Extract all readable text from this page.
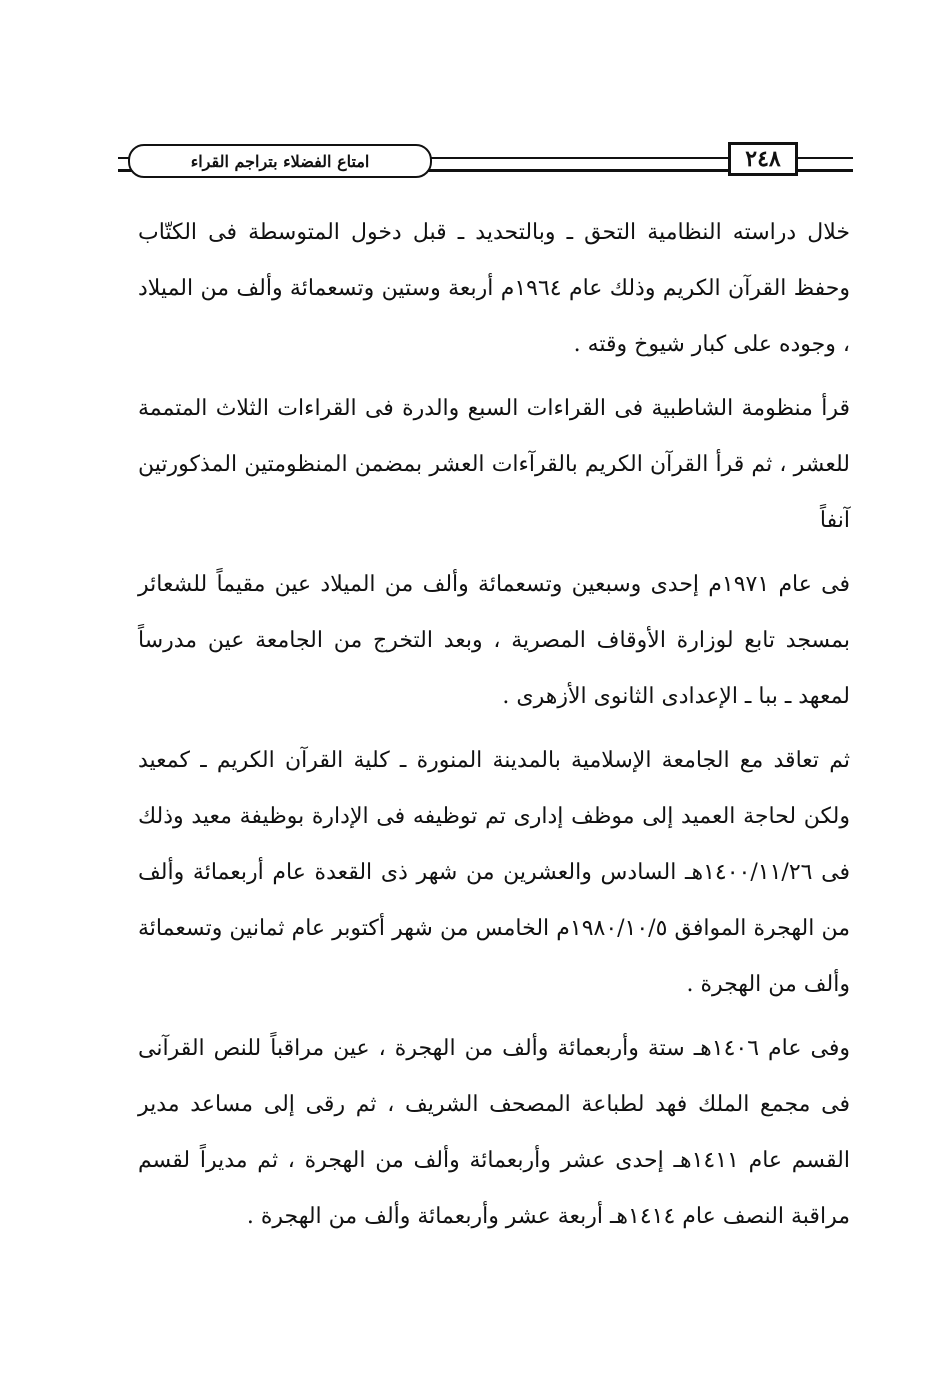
٢٤٨
امتاع الفضلاء بتراجم القراء

خلال دراسته النظامية التحق ـ وبالتحديد ـ قبل دخول المتوسطة فى الكتّاب وحفظ القرآن الكريم وذلك عام ١٩٦٤م أربعة وستين وتسعمائة وألف من الميلاد ، وجوده على كبار شيوخ وقته .

قرأ منظومة الشاطبية فى القراءات السبع والدرة فى القراءات الثلاث المتممة للعشر ، ثم قرأ القرآن الكريم بالقرآءات العشر بمضمن المنظومتين المذكورتين آنفاً

فى عام ١٩٧١م إحدى وسبعين وتسعمائة وألف من الميلاد عين مقيماً للشعائر بمسجد تابع لوزارة الأوقاف المصرية ، وبعد التخرج من الجامعة عين مدرساً لمعهد ـ ببا ـ الإعدادى الثانوى الأزهرى .

ثم تعاقد مع الجامعة الإسلامية بالمدينة المنورة ـ كلية القرآن الكريم ـ كمعيد ولكن لحاجة العميد إلى موظف إدارى تم توظيفه فى الإدارة بوظيفة معيد وذلك فى ١٤٠٠/١١/٢٦هـ السادس والعشرين من شهر ذى القعدة عام أربعمائة وألف من الهجرة الموافق ١٩٨٠/١٠/٥م الخامس من شهر أكتوبر عام ثمانين وتسعمائة وألف من الهجرة .

وفى عام ١٤٠٦هـ ستة وأربعمائة وألف من الهجرة ، عين مراقباً للنص القرآنى فى مجمع الملك فهد لطباعة المصحف الشريف ، ثم رقى إلى مساعد مدير القسم عام ١٤١١هـ إحدى عشر وأربعمائة وألف من الهجرة ، ثم مديراً لقسم مراقبة النصف عام ١٤١٤هـ أربعة عشر وأربعمائة وألف من الهجرة .
